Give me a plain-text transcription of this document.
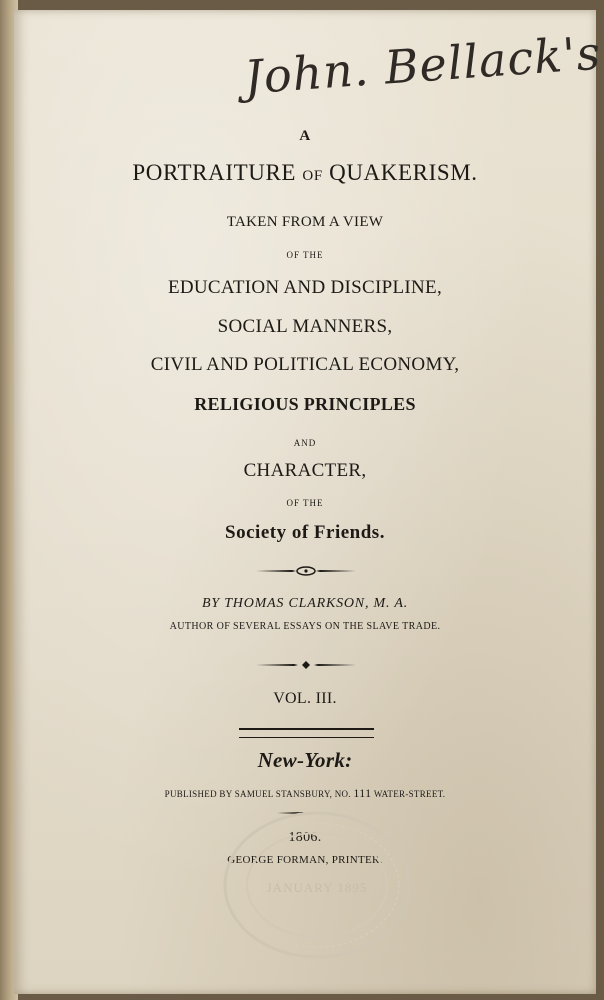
John. Bellack's
A
PORTRAITURE OF QUAKERISM.
TAKEN FROM A VIEW
OF THE
EDUCATION AND DISCIPLINE,
SOCIAL MANNERS,
CIVIL AND POLITICAL ECONOMY,
RELIGIOUS PRINCIPLES
AND
CHARACTER,
OF THE
Society of Friends.
BY THOMAS CLARKSON, M. A.
AUTHOR OF SEVERAL ESSAYS ON THE SLAVE TRADE.
VOL. III.
New-York:
PUBLISHED BY SAMUEL STANSBURY, NO. 111 WATER-STREET.
1806.
GEORGE FORMAN, PRINTER.
JANUARY 1895
